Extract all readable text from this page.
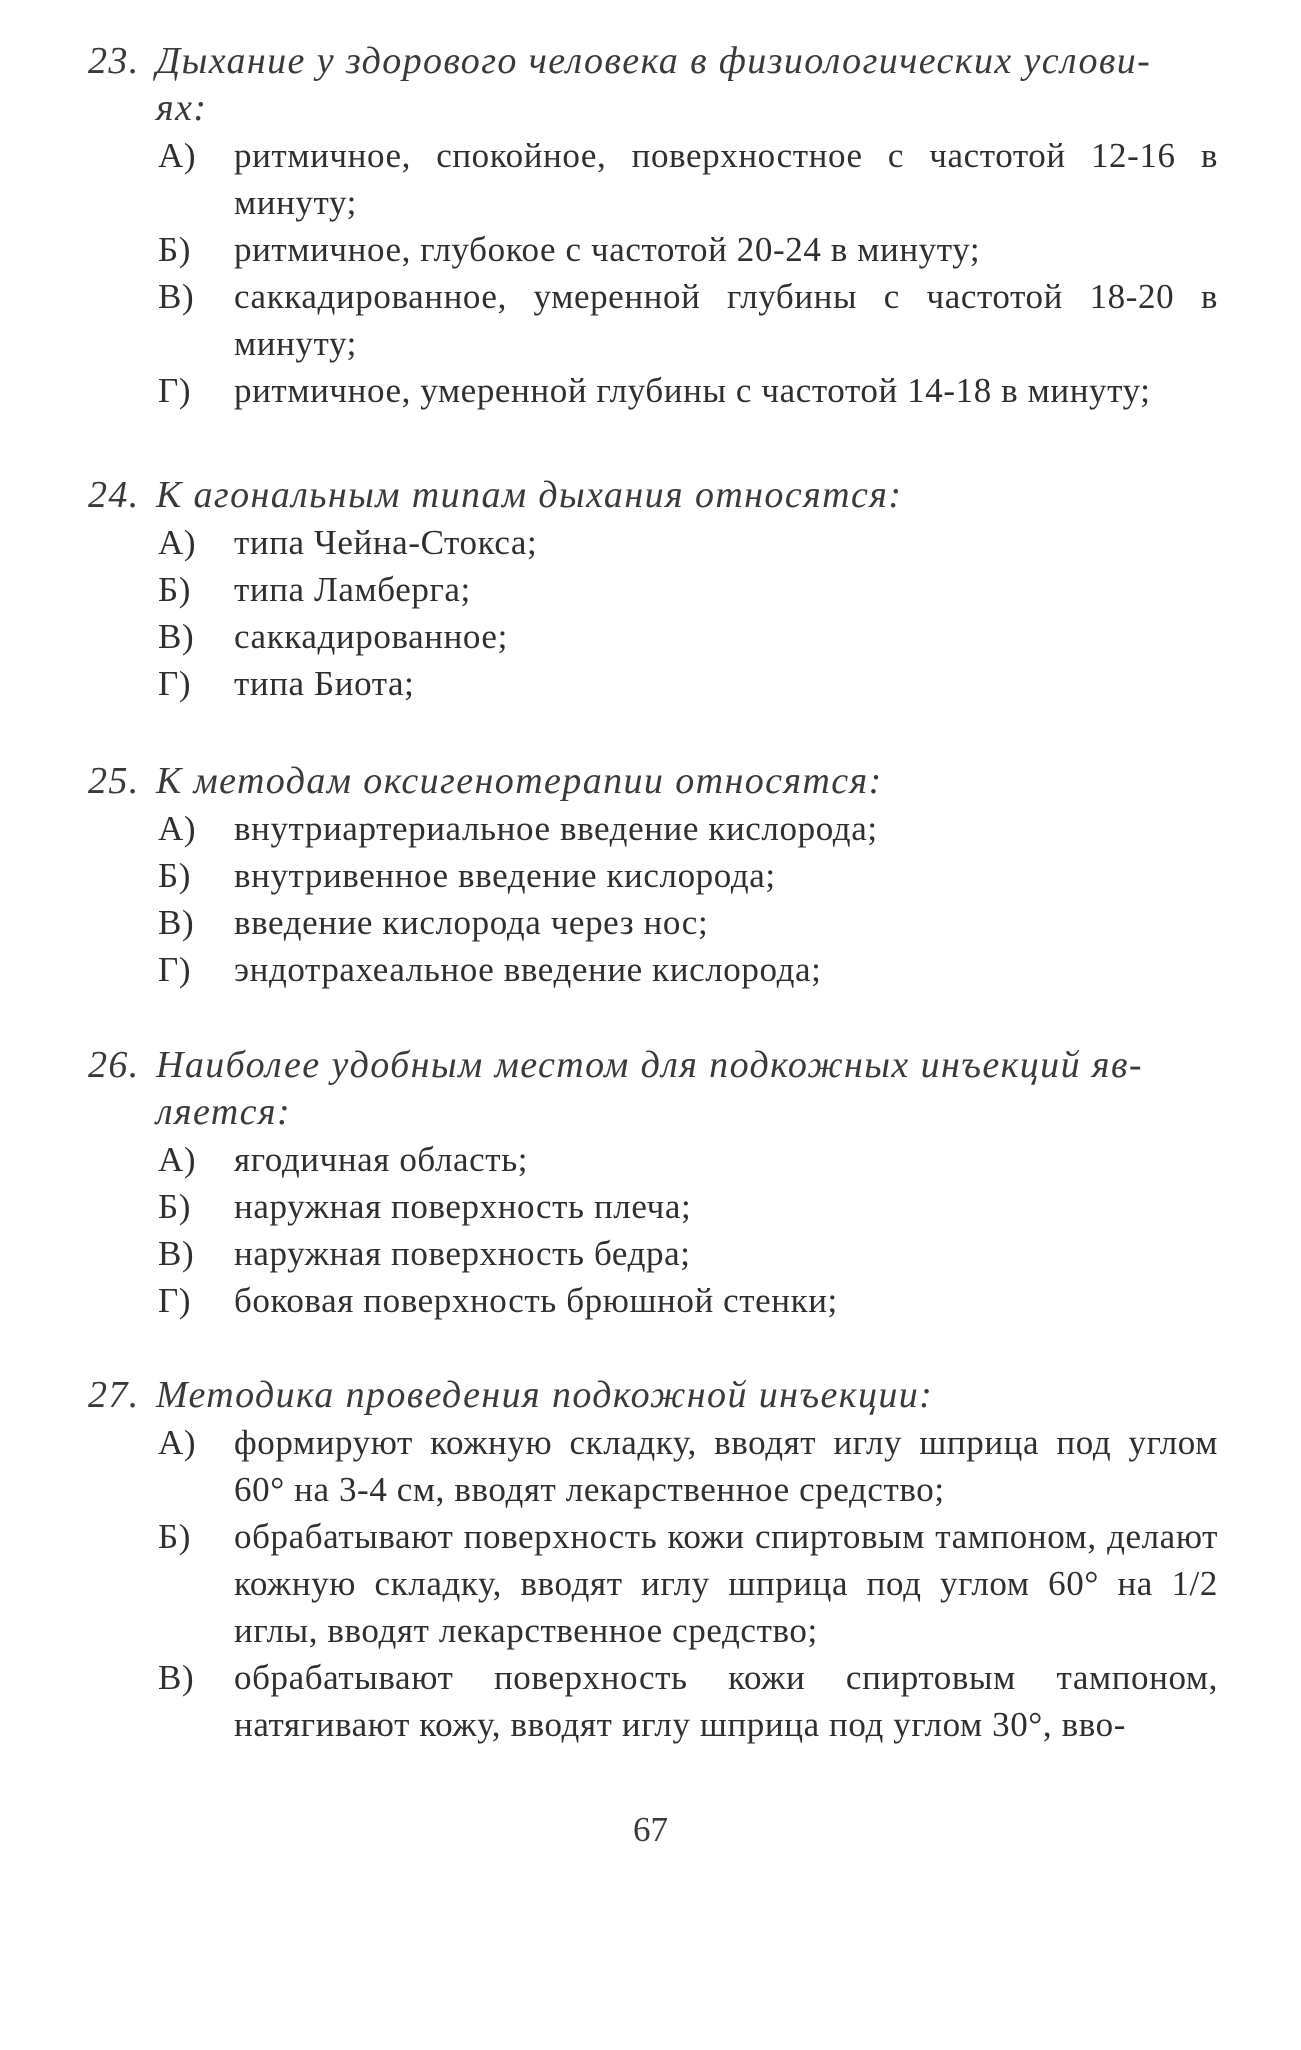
23. Дыхание у здорового человека в физиологических услови-
ях:
А) ритмичное, спокойное, поверхностное с частотой 12-16 в минуту;
Б) ритмичное, глубокое с частотой 20-24 в минуту;
В) саккадированное, умеренной глубины с частотой 18-20 в минуту;
Г) ритмичное, умеренной глубины с частотой 14-18 в минуту;
24. К агональным типам дыхания относятся:
А) типа Чейна-Стокса;
Б) типа Ламберга;
В) саккадированное;
Г) типа Биота;
25. К методам оксигенотерапии относятся:
А) внутриартериальное введение кислорода;
Б) внутривенное введение кислорода;
В) введение кислорода через нос;
Г) эндотрахеальное введение кислорода;
26. Наиболее удобным местом для подкожных инъекций яв-
ляется:
А) ягодичная область;
Б) наружная поверхность плеча;
В) наружная поверхность бедра;
Г) боковая поверхность брюшной стенки;
27. Методика проведения подкожной инъекции:
А) формируют кожную складку, вводят иглу шприца под углом 60° на 3-4 см, вводят лекарственное средство;
Б) обрабатывают поверхность кожи спиртовым тампоном, делают кожную складку, вводят иглу шприца под углом 60° на 1/2 иглы, вводят лекарственное средство;
В) обрабатывают поверхность кожи спиртовым тампоном, натягивают кожу, вводят иглу шприца под углом 30°, вво-
67
